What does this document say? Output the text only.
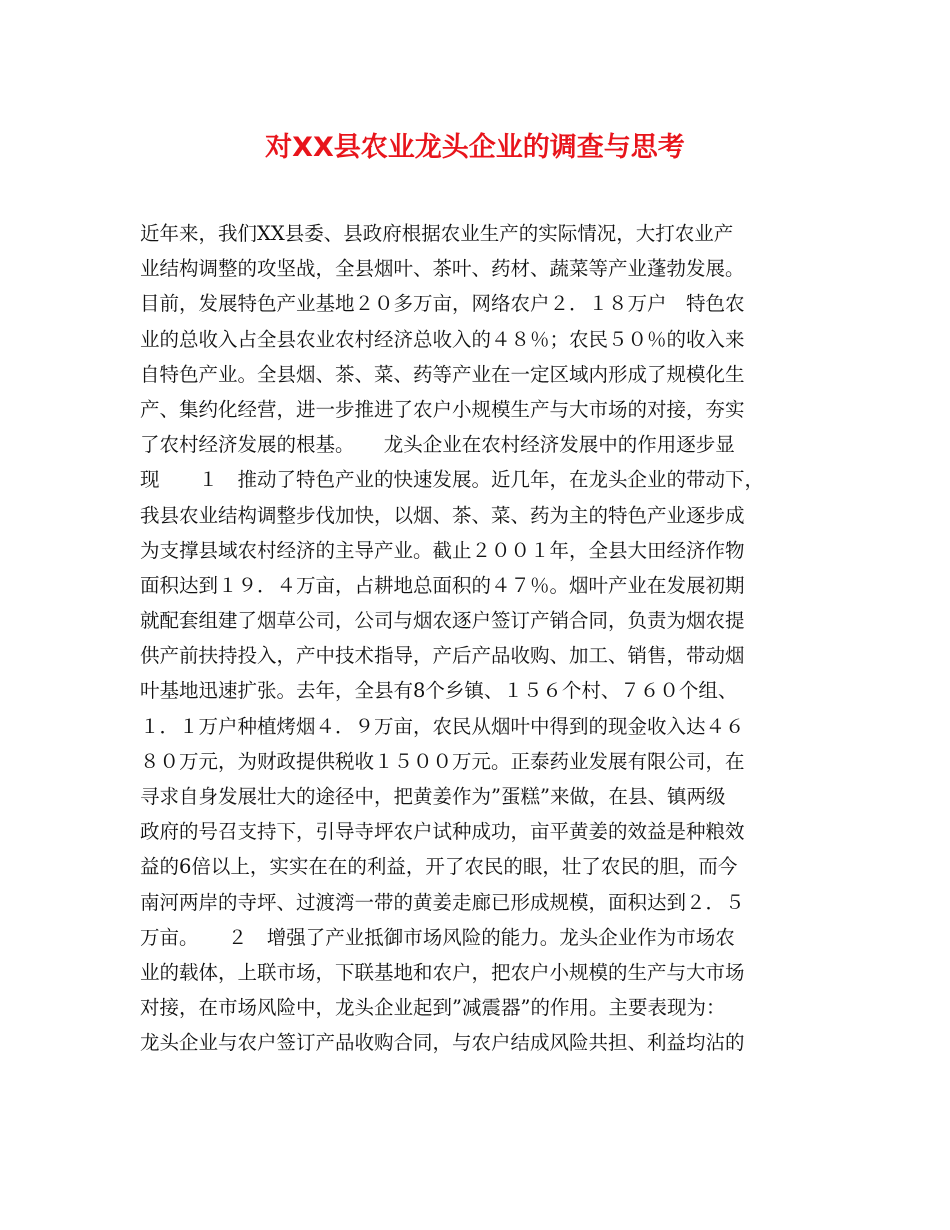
对XX县农业龙头企业的调查与思考
近年来，我们XX县委、县政府根据农业生产的实际情况，大打农业产
业结构调整的攻坚战，全县烟叶、茶叶、药材、蔬菜等产业蓬勃发展。
目前，发展特色产业基地２０多万亩，网络农户２．１８万户　特色农
业的总收入占全县农业农村经济总收入的４８％；农民５０％的收入来
自特色产业。全县烟、茶、菜、药等产业在一定区域内形成了规模化生
产、集约化经营，进一步推进了农户小规模生产与大市场的对接，夯实
了农村经济发展的根基。　　龙头企业在农村经济发展中的作用逐步显
现　　１　推动了特色产业的快速发展。近几年，在龙头企业的带动下，
我县农业结构调整步伐加快，以烟、茶、菜、药为主的特色产业逐步成
为支撑县域农村经济的主导产业。截止２００１年，全县大田经济作物
面积达到１９．４万亩，占耕地总面积的４７％。烟叶产业在发展初期
就配套组建了烟草公司，公司与烟农逐户签订产销合同，负责为烟农提
供产前扶持投入，产中技术指导，产后产品收购、加工、销售，带动烟
叶基地迅速扩张。去年，全县有8个乡镇、１５６个村、７６０个组、
１．１万户种植烤烟４．９万亩，农民从烟叶中得到的现金收入达４６
８０万元，为财政提供税收１５００万元。正泰药业发展有限公司，在
寻求自身发展壮大的途径中，把黄姜作为”蛋糕”来做，在县、镇两级
政府的号召支持下，引导寺坪农户试种成功，亩平黄姜的效益是种粮效
益的6倍以上，实实在在的利益，开了农民的眼，壮了农民的胆，而今
南河两岸的寺坪、过渡湾一带的黄姜走廊已形成规模，面积达到２．５
万亩。　　２　增强了产业抵御市场风险的能力。龙头企业作为市场农
业的载体，上联市场，下联基地和农户，把农户小规模的生产与大市场
对接，在市场风险中，龙头企业起到”减震器”的作用。主要表现为：
龙头企业与农户签订产品收购合同，与农户结成风险共担、利益均沾的
